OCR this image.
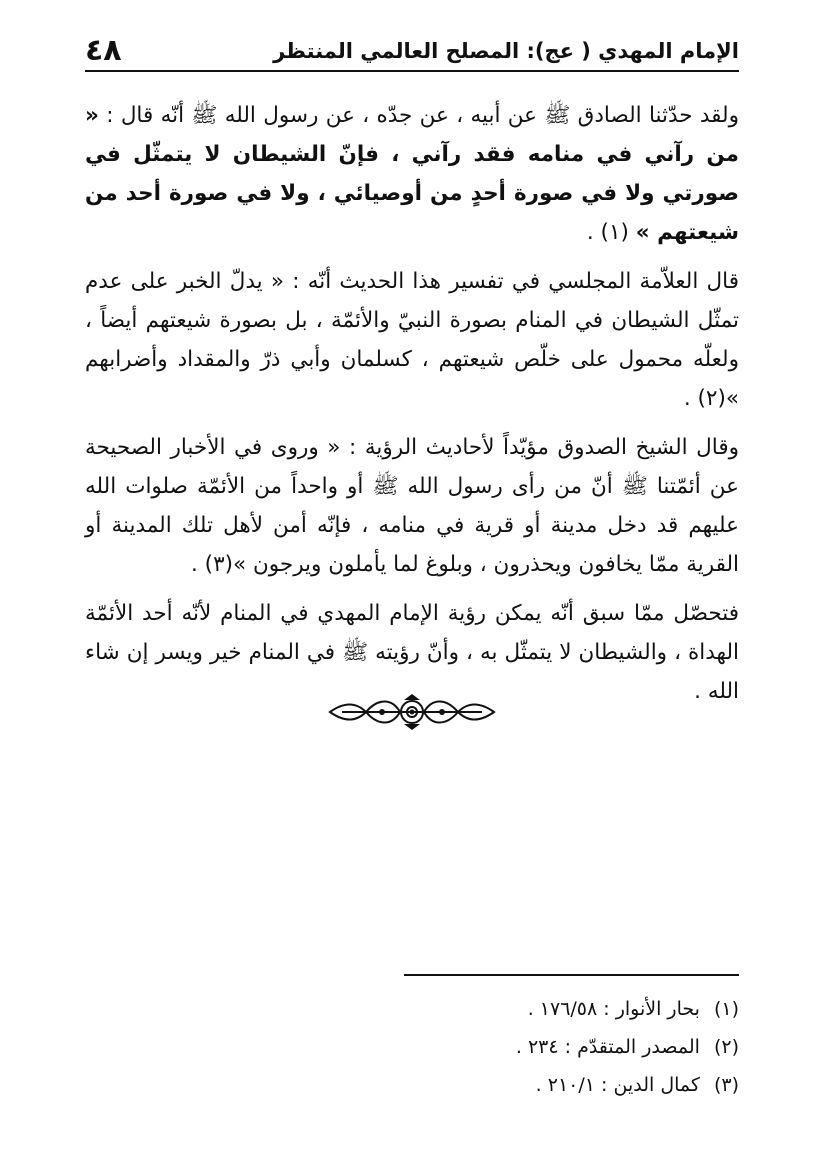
الإمام المهدي ( عج): المصلح العالمي المنتظر
٤٨

ولقد حدّثنا الصادق ﷺ عن أبيه ، عن جدّه ، عن رسول الله ﷺ أنّه قال : « من رآني في منامه فقد رآني ، فإنّ الشيطان لا يتمثّل في صورتي ولا في صورة أحدٍ من أوصيائي ، ولا في صورة أحد من شيعتهم » (١) .

قال العلاّمة المجلسي في تفسير هذا الحديث أنّه : « يدلّ الخبر على عدم تمثّل الشيطان في المنام بصورة النبيّ والأئمّة ، بل بصورة شيعتهم أيضاً ، ولعلّه محمول على خلّص شيعتهم ، كسلمان وأبي ذرّ والمقداد وأضرابهم »(٢) .

وقال الشيخ الصدوق مؤيّداً لأحاديث الرؤية : « وروى في الأخبار الصحيحة عن أئمّتنا ﷺ أنّ من رأى رسول الله ﷺ أو واحداً من الأئمّة صلوات الله عليهم قد دخل مدينة أو قرية في منامه ، فإنّه أمن لأهل تلك المدينة أو القرية ممّا يخافون ويحذرون ، وبلوغ لما يأملون ويرجون »(٣) .

فتحصّل ممّا سبق أنّه يمكن رؤية الإمام المهدي في المنام لأنّه أحد الأئمّة الهداة ، والشيطان لا يتمثّل به ، وأنّ رؤيته ﷺ في المنام خير ويسر إن شاء الله .

(١)بحار الأنوار : ١٧٦/٥٨ .
(٢)المصدر المتقدّم : ٢٣٤ .
(٣)كمال الدين : ٢١٠/١ .
